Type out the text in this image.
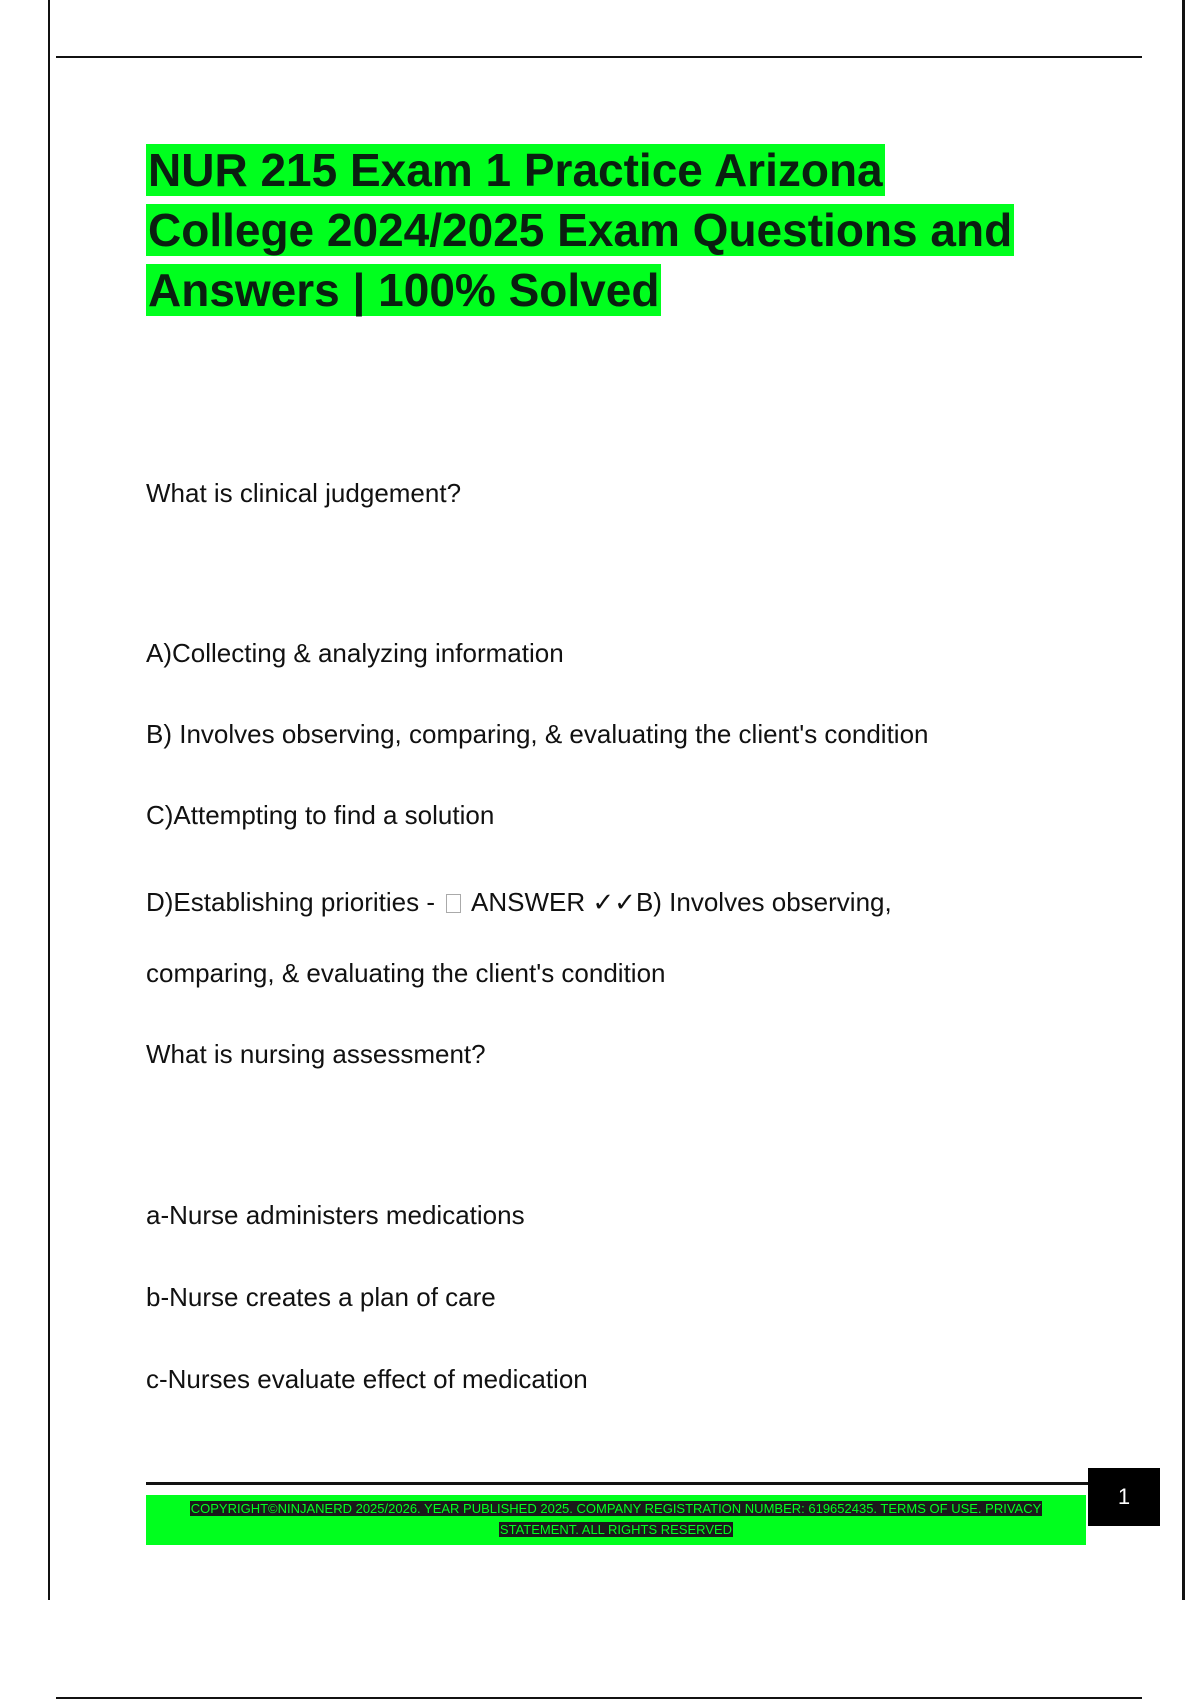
NUR 215 Exam 1 Practice Arizona
College 2024/2025 Exam Questions and
Answers | 100% Solved

What is clinical judgement?

A)Collecting & analyzing information

B) Involves observing, comparing, & evaluating the client's condition

C)Attempting to find a solution

D)Establishing priorities -  ANSWER ✓✓B) Involves observing,

comparing, & evaluating the client's condition

What is nursing assessment?

a-Nurse administers medications

b-Nurse creates a plan of care

c-Nurses evaluate effect of medication

COPYRIGHT©NINJANERD 2025/2026. YEAR PUBLISHED 2025. COMPANY REGISTRATION NUMBER: 619652435. TERMS OF USE. PRIVACY
STATEMENT. ALL RIGHTS RESERVED
1
